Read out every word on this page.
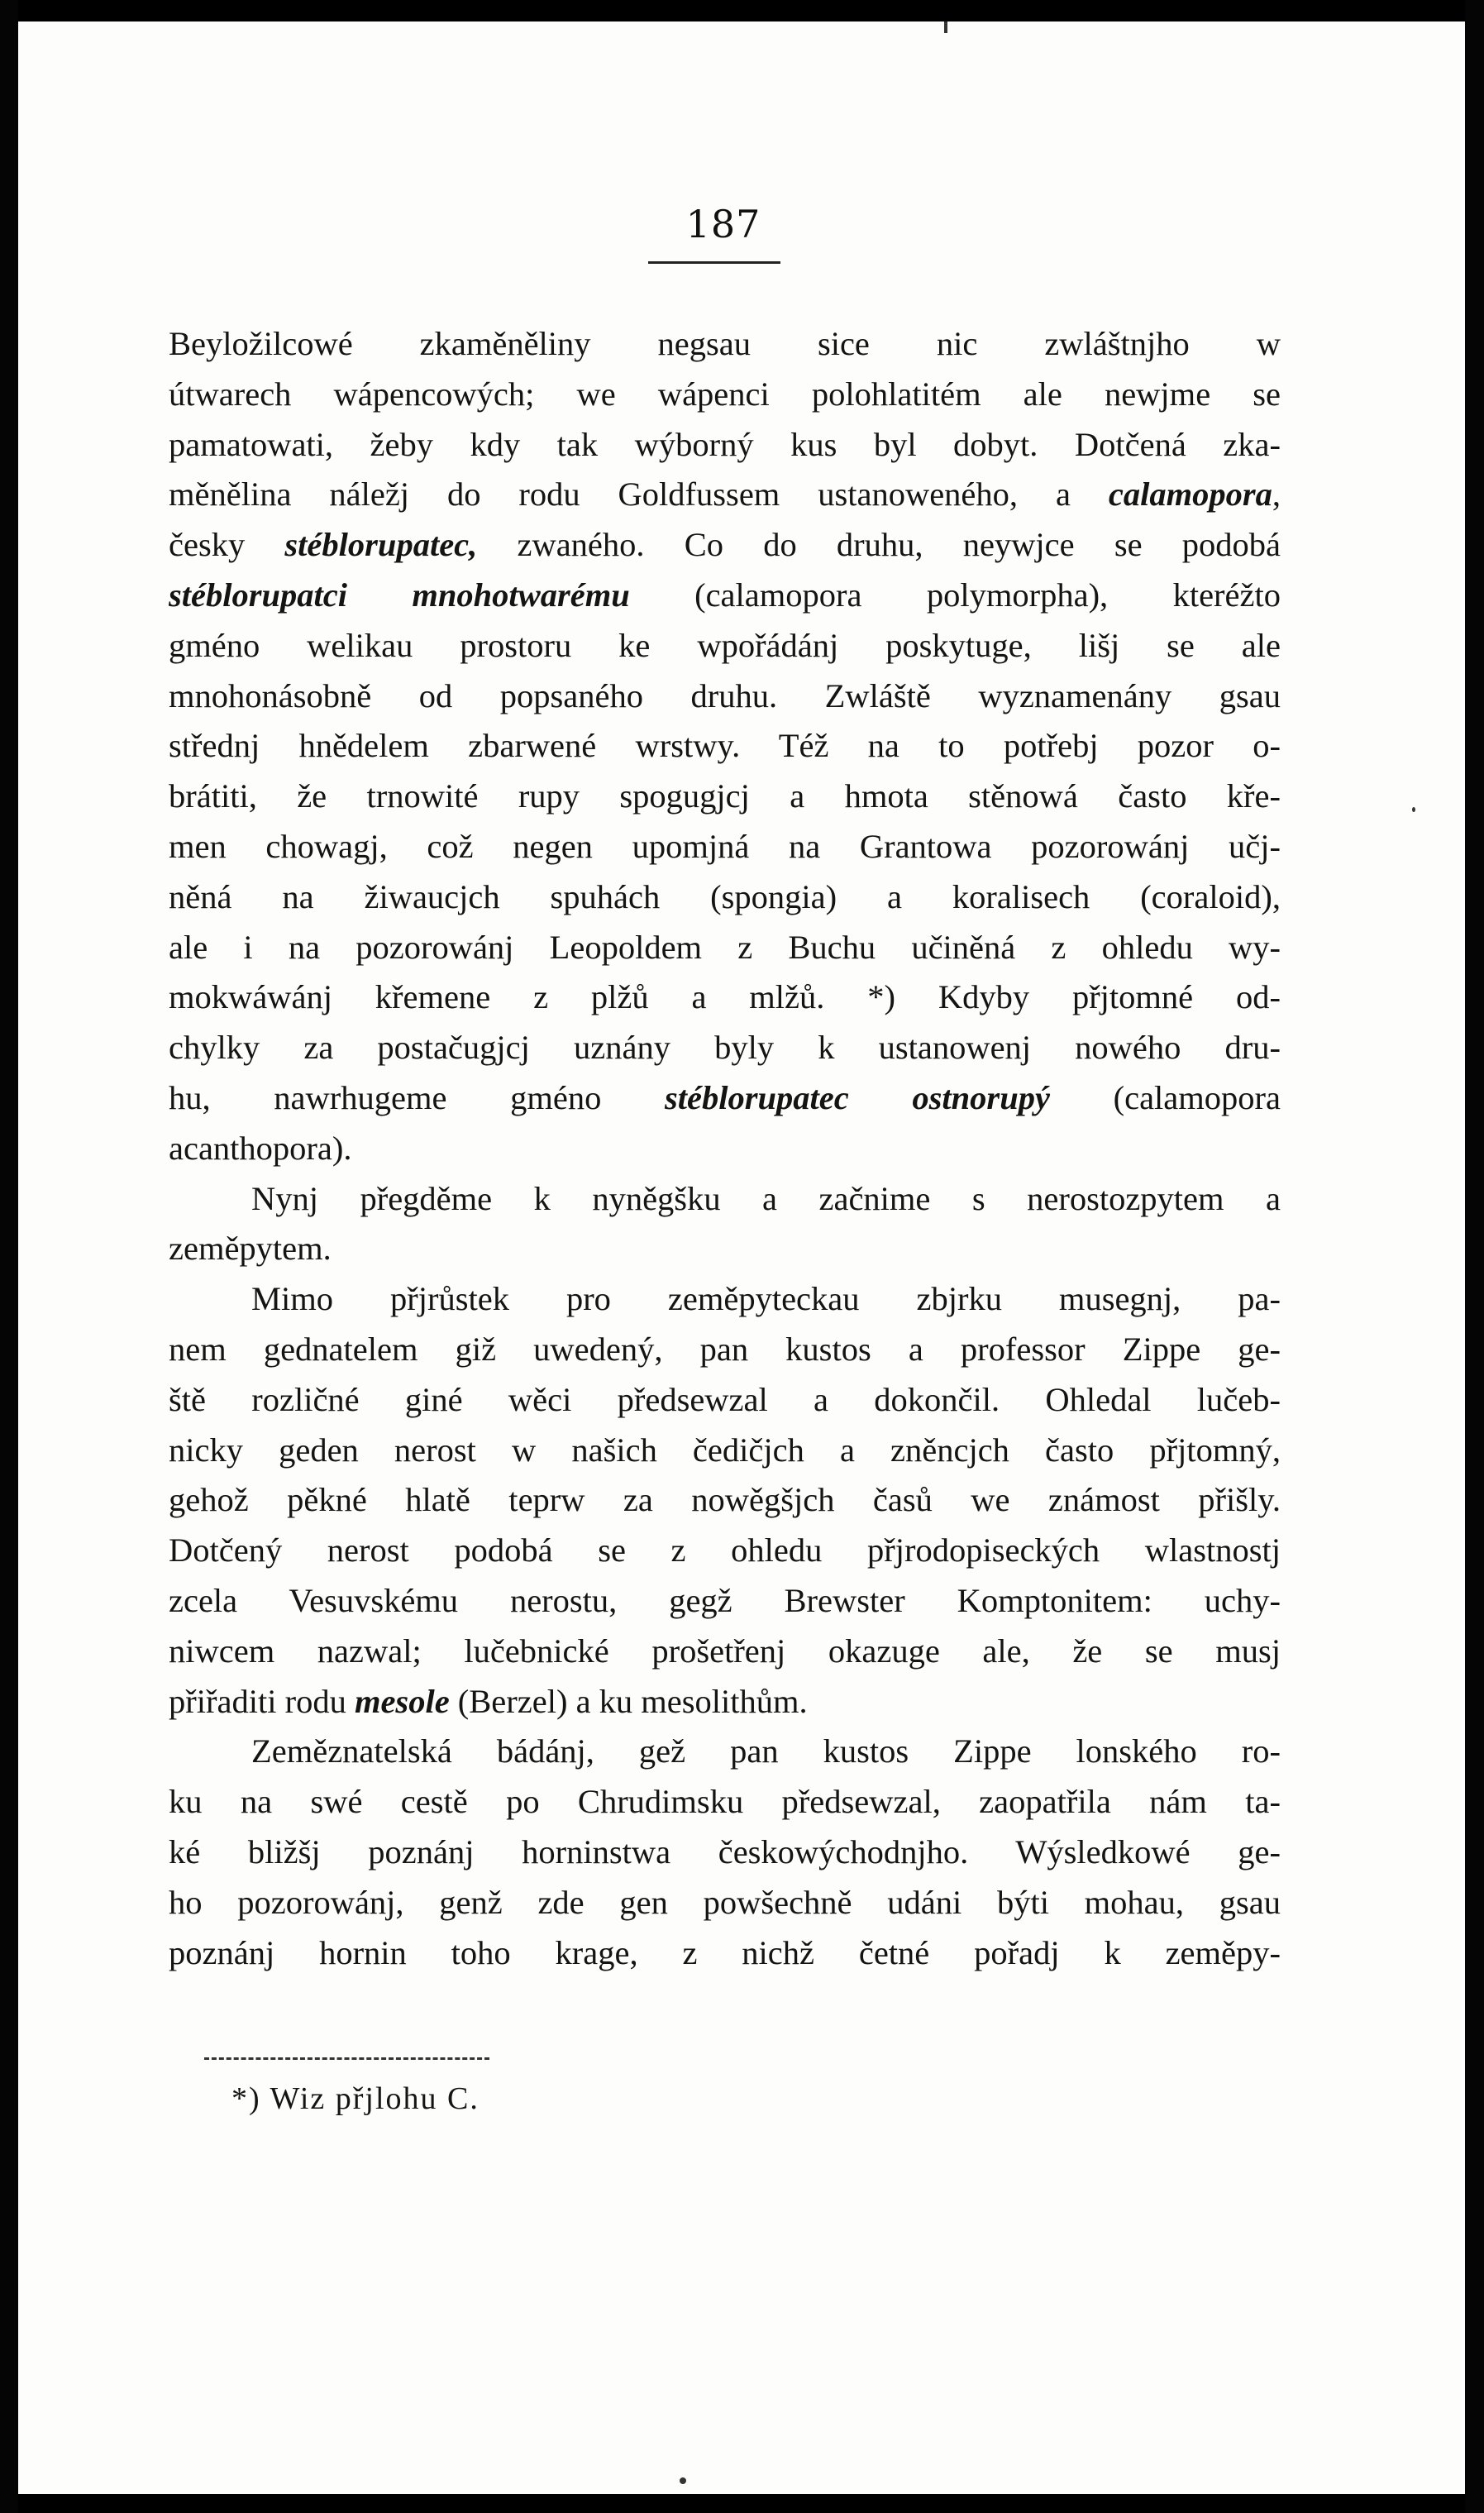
187
Beyložilcowé zkaměněliny negsau sice nic zwláštnjho w
útwarech wápencowých; we wápenci polohlatitém ale newjme se
pamatowati, žeby kdy tak wýborný kus byl dobyt. Dotčená zka-
měnělina náležj do rodu Goldfussem ustanoweného, a calamopora,
česky stéblorupatec, zwaného. Co do druhu, neywjce se podobá
stéblorupatci mnohotwarému (calamopora polymorpha), kteréžto
gméno welikau prostoru ke wpořádánj poskytuge, lišj se ale
mnohonásobně od popsaného druhu. Zwláště wyznamenány gsau
střednj hnědelem zbarwené wrstwy. Též na to potřebj pozor o-
brátiti, že trnowité rupy spogugjcj a hmota stěnowá často kře-
men chowagj, což negen upomjná na Grantowa pozorowánj učj-
něná na žiwaucjch spuhách (spongia) a koralisech (coraloid),
ale i na pozorowánj Leopoldem z Buchu učiněná z ohledu wy-
mokwáwánj křemene z plžů a mlžů. *) Kdyby přjtomné od-
chylky za postačugjcj uznány byly k ustanowenj nowého dru-
hu, nawrhugeme gméno stéblorupatec ostnorupý (calamopora
acanthopora).
Nynj přegděme k nyněgšku a začnime s nerostozpytem a
zeměpytem.
Mimo přjrůstek pro zeměpyteckau zbjrku musegnj, pa-
nem gednatelem giž uwedený, pan kustos a professor Zippe ge-
ště rozličné giné wěci předsewzal a dokončil. Ohledal lučeb-
nicky geden nerost w našich čedičjch a zněncjch často přjtomný,
gehož pěkné hlatě teprw za nowěgšjch časů we známost přišly.
Dotčený nerost podobá se z ohledu přjrodopiseckých wlastnostj
zcela Vesuvskému nerostu, gegž Brewster Komptonitem: uchy-
niwcem nazwal; lučebnické prošetřenj okazuge ale, že se musj
přiřaditi rodu mesole (Berzel) a ku mesolithům.
Zeměznatelská bádánj, gež pan kustos Zippe lonského ro-
ku na swé cestě po Chrudimsku předsewzal, zaopatřila nám ta-
ké bližšj poznánj horninstwa českowýchodnjho. Wýsledkowé ge-
ho pozorowánj, genž zde gen powšechně udáni býti mohau, gsau
poznánj hornin toho krage, z nichž četné pořadj k zeměpy-
*) Wiz přjlohu C.
